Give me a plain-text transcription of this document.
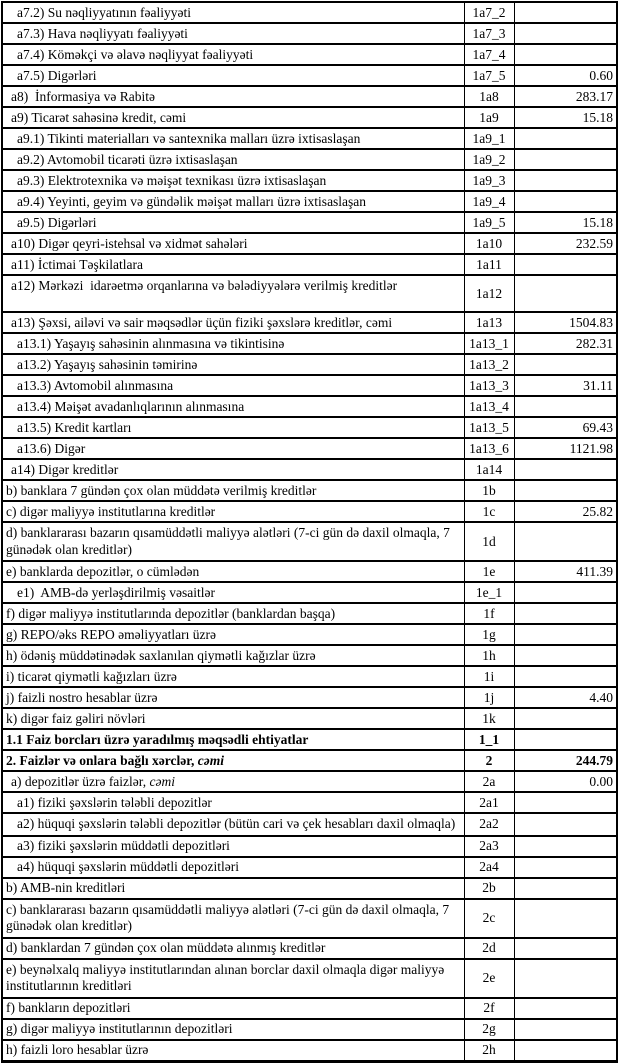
a7.2) Su nəqliyyatının fəaliyyəti	1a7_2	
a7.3) Hava nəqliyyatı fəaliyyəti	1a7_3	
a7.4) Köməkçi və əlavə nəqliyyat fəaliyyəti	1a7_4	
a7.5) Digərləri	1a7_5	0.60
a8)  İnformasiya və Rabitə	1a8	283.17
a9) Ticarət sahəsinə kredit, cəmi	1a9	15.18
a9.1) Tikinti materialları və santexnika malları üzrə ixtisaslaşan	1a9_1	
a9.2) Avtomobil ticarəti üzrə ixtisaslaşan	1a9_2	
a9.3) Elektrotexnika və məişət texnikası üzrə ixtisaslaşan	1a9_3	
a9.4) Yeyinti, geyim və gündəlik məişət malları üzrə ixtisaslaşan	1a9_4	
a9.5) Digərləri	1a9_5	15.18
a10) Digər qeyri-istehsal və xidmət sahələri	1a10	232.59
a11) İctimai Təşkilatlara	1a11	
a12) Mərkəzi  idarəetmə orqanlarına və bələdiyyələrə verilmiş kreditlər	1a12	
a13) Şəxsi, ailəvi və sair məqsədlər üçün fiziki şəxslərə kreditlər, cəmi	1a13	1504.83
a13.1) Yaşayış sahəsinin alınmasına və tikintisinə	1a13_1	282.31
a13.2) Yaşayış sahəsinin təmirinə	1a13_2	
a13.3) Avtomobil alınmasına	1a13_3	31.11
a13.4) Məişət avadanlıqlarının alınmasına	1a13_4	
a13.5) Kredit kartları	1a13_5	69.43
a13.6) Digər	1a13_6	1121.98
a14) Digər kreditlər	1a14	
b) banklara 7 gündən çox olan müddətə verilmiş kreditlər	1b	
c) digər maliyyə institutlarına kreditlər	1c	25.82
d) banklararası bazarın qısamüddətli maliyyə alətləri (7-ci gün də daxil olmaqla, 7 günədək olan kreditlər)	1d	
e) banklarda depozitlər, o cümlədən	1e	411.39
e1)  AMB-də yerləşdirilmiş vəsaitlər	1e_1	
f) digər maliyyə institutlarında depozitlər (banklardan başqa)	1f	
g) REPO/əks REPO əməliyyatları üzrə	1g	
h) ödəniş müddətinədək saxlanılan qiymətli kağızlar üzrə	1h	
i) ticarət qiymətli kağızları üzrə	1i	
j) faizli nostro hesablar üzrə	1j	4.40
k) digər faiz gəliri növləri	1k	
1.1 Faiz borcları üzrə yaradılmış məqsədli ehtiyatlar	1_1	
2. Faizlər və onlara bağlı xərclər, cəmi	2	244.79
a) depozitlər üzrə faizlər, cəmi	2a	0.00
a1) fiziki şəxslərin tələbli depozitlər	2a1	
a2) hüquqi şəxslərin tələbli depozitlər (bütün cari və çek hesabları daxil olmaqla)	2a2	
a3) fiziki şəxslərin müddətli depozitləri	2a3	
a4) hüquqi şəxslərin müddətli depozitləri	2a4	
b) AMB-nin kreditləri	2b	
c) banklararası bazarın qısamüddətli maliyyə alətləri (7-ci gün də daxil olmaqla, 7 günədək olan kreditlər)	2c	
d) banklardan 7 gündən çox olan müddətə alınmış kreditlər	2d	
e) beynəlxalq maliyyə institutlarından alınan borclar daxil olmaqla digər maliyyə institutlarının kreditləri	2e	
f) bankların depozitləri	2f	
g) digər maliyyə institutlarının depozitləri	2g	
h) faizli loro hesablar üzrə	2h	
